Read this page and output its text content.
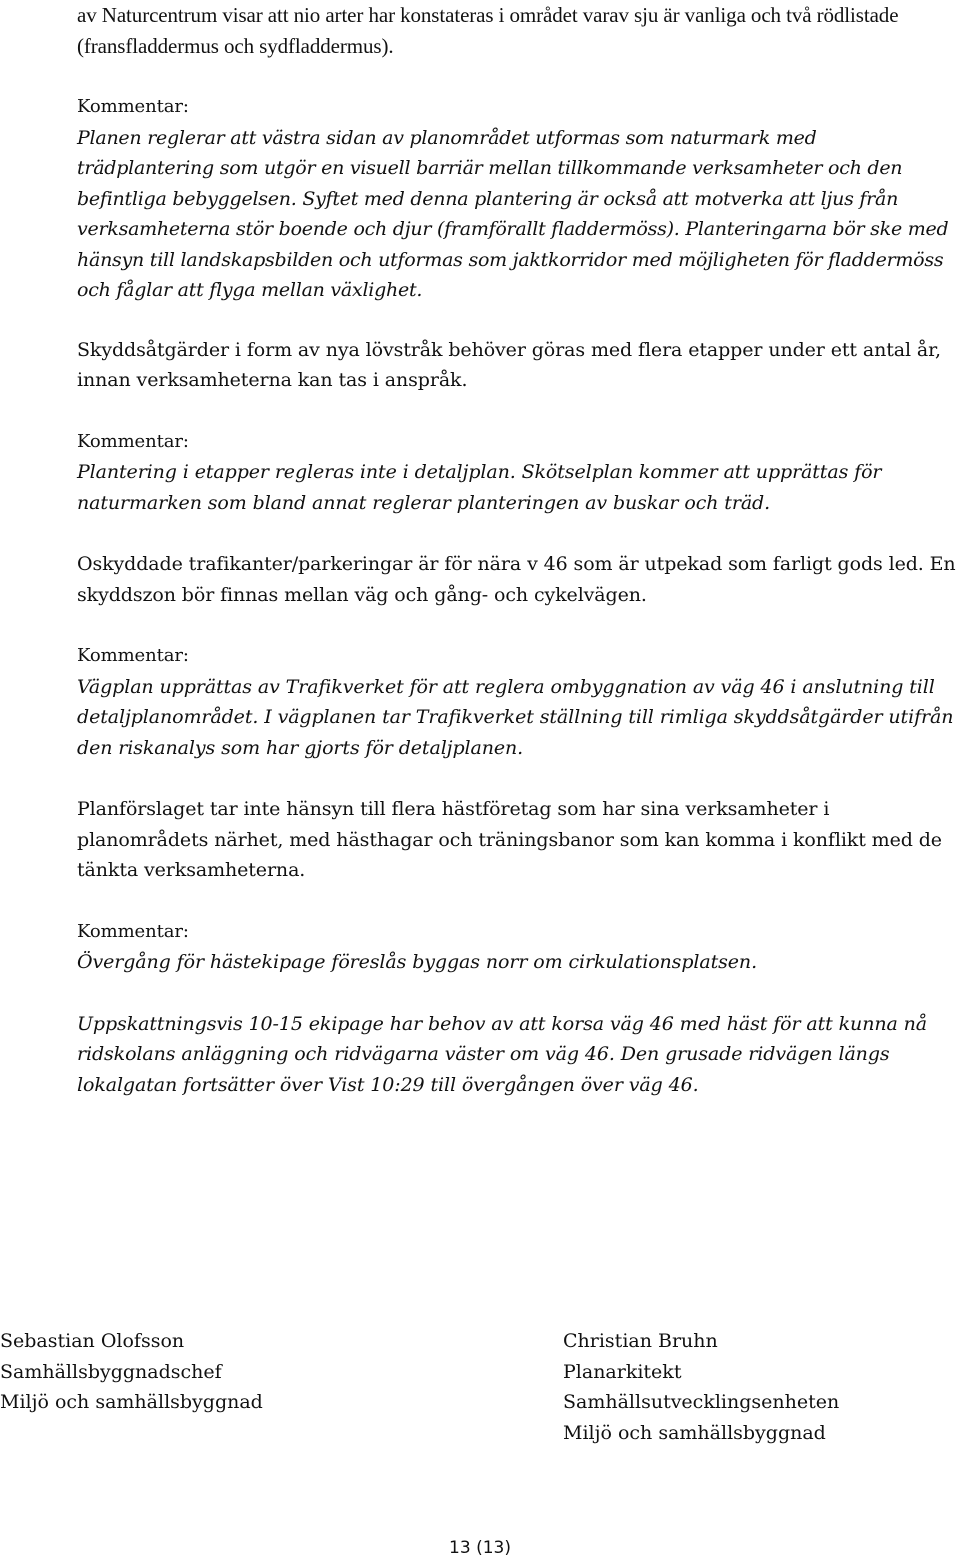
av Naturcentrum visar att nio arter har konstateras i området varav sju är vanliga och två rödlistade (fransfladdermus och sydfladdermus).

Kommentar:

Planen reglerar att västra sidan av planområdet utformas som naturmark med trädplantering som utgör en visuell barriär mellan tillkommande verksamheter och den befintliga bebyggelsen. Syftet med denna plantering är också att motverka att ljus från verksamheterna stör boende och djur (framförallt fladdermöss). Planteringarna bör ske med hänsyn till landskapsbilden och utformas som jaktkorridor med möjligheten för fladdermöss och fåglar att flyga mellan växlighet.

Skyddsåtgärder i form av nya lövstråk behöver göras med flera etapper under ett antal år, innan verksamheterna kan tas i anspråk.

Kommentar:

Plantering i etapper regleras inte i detaljplan. Skötselplan kommer att upprättas för naturmarken som bland annat reglerar planteringen av buskar och träd.

Oskyddade trafikanter/parkeringar är för nära v 46 som är utpekad som farligt gods led. En skyddszon bör finnas mellan väg och gång- och cykelvägen.

Kommentar:

Vägplan upprättas av Trafikverket för att reglera ombyggnation av väg 46 i anslutning till detaljplanområdet. I vägplanen tar Trafikverket ställning till rimliga skyddsåtgärder utifrån den riskanalys som har gjorts för detaljplanen.

Planförslaget tar inte hänsyn till flera hästföretag som har sina verksamheter i planområdets närhet, med hästhagar och träningsbanor som kan komma i konflikt med de tänkta verksamheterna.

Kommentar:

Övergång för hästekipage föreslås byggas norr om cirkulationsplatsen.

Uppskattningsvis 10-15 ekipage har behov av att korsa väg 46 med häst för att kunna nå ridskolans anläggning och ridvägarna väster om väg 46. Den grusade ridvägen längs lokalgatan fortsätter över Vist 10:29 till övergången över väg 46.

Sebastian Olofsson
Samhällsbyggnadschef
Miljö och samhällsbyggnad
Christian Bruhn
Planarkitekt
Samhällsutvecklingsenheten
Miljö och samhällsbyggnad
13 (13)
